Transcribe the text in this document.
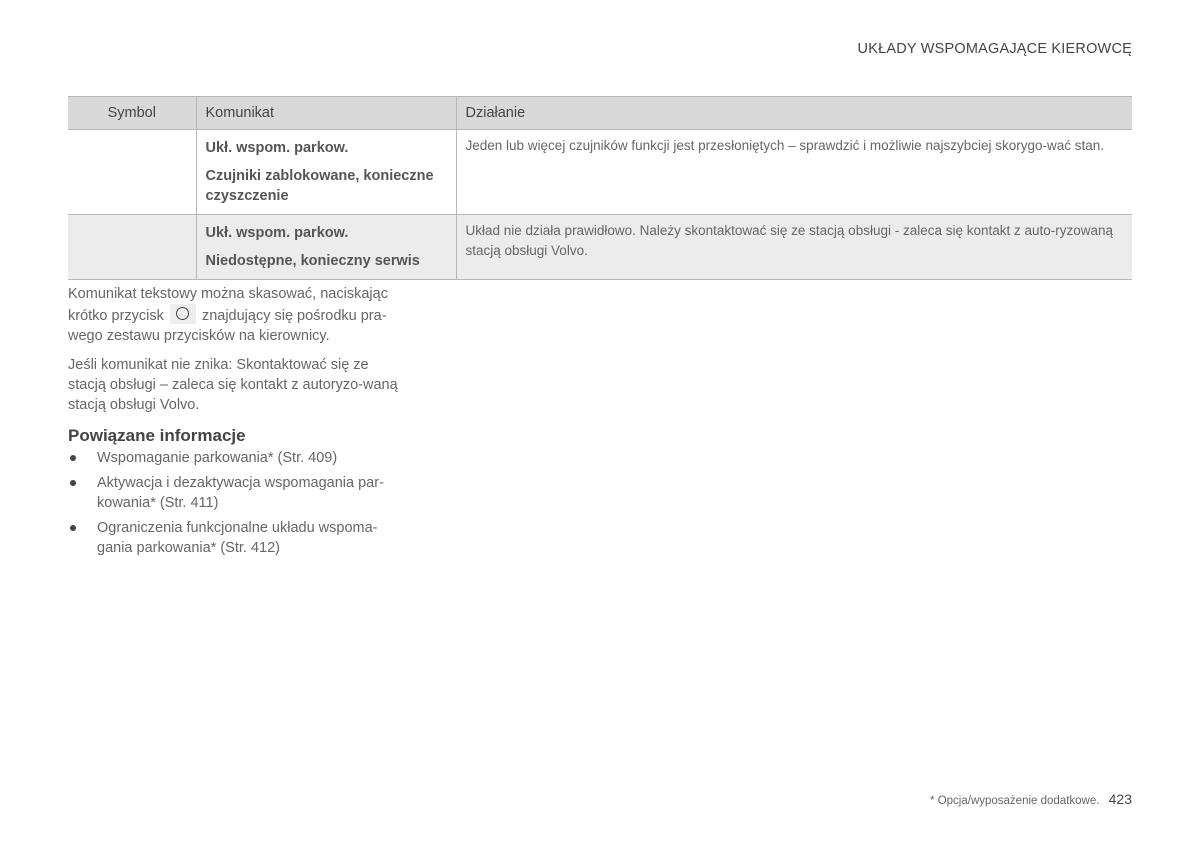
UKŁADY WSPOMAGAJĄCE KIEROWCĘ
Symbol	Komunikat	Działanie

	Ukł. wspom. parkow.
Czujniki zablokowane, konieczne czyszczenie	Jeden lub więcej czujników funkcji jest przesłoniętych – sprawdzić i możliwie najszybciej skorygo-wać stan.

	Ukł. wspom. parkow.
Niedostępne, konieczny serwis	Układ nie działa prawidłowo. Należy skontaktować się ze stacją obsługi - zaleca się kontakt z auto-ryzowaną stacją obsługi Volvo.
Komunikat tekstowy można skasować, naciskając krótko przycisk	znajdujący się pośrodku pra-wego zestawu przycisków na kierownicy.
Jeśli komunikat nie znika: Skontaktować się ze stacją obsługi – zaleca się kontakt z autoryzo-waną stacją obsługi Volvo.
Powiązane informacje
Wspomaganie parkowania* (Str. 409)
Aktywacja i dezaktywacja wspomagania par-kowania* (Str. 411)
Ograniczenia funkcjonalne układu wspoma-gania parkowania* (Str. 412)
* Opcja/wyposażenie dodatkowe. 423
